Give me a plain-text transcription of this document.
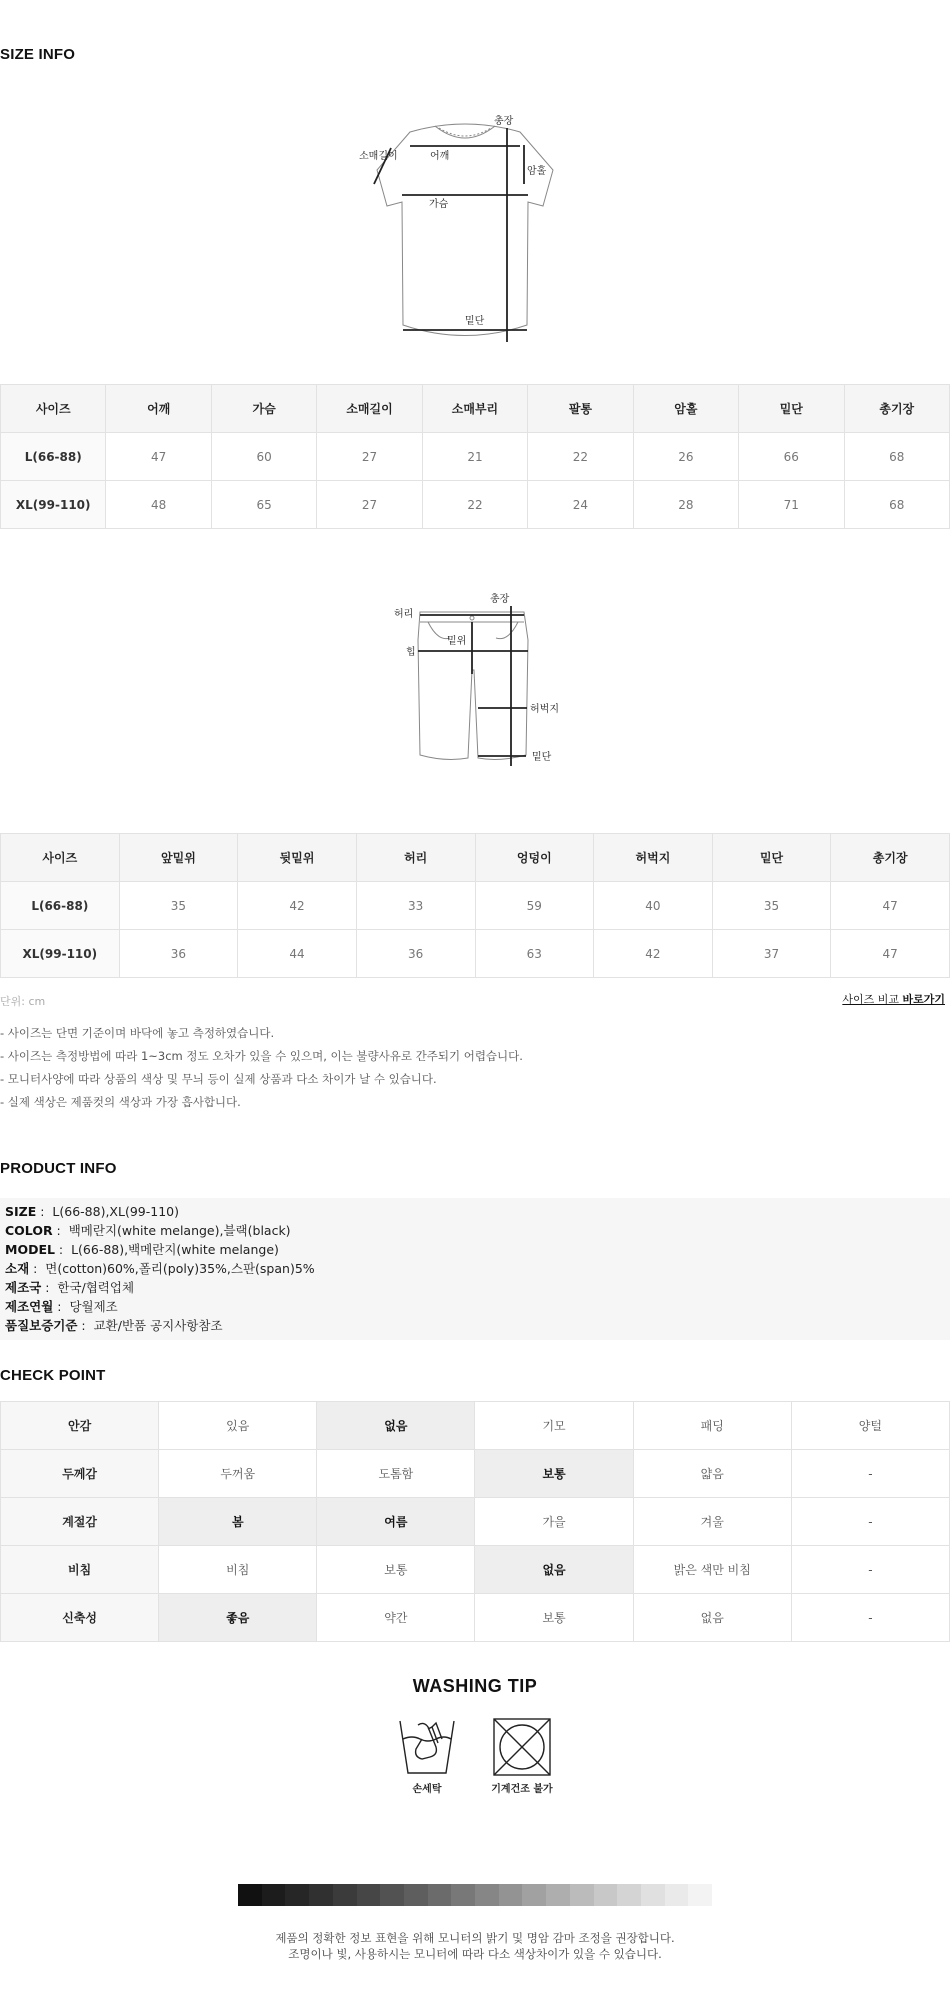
SIZE INFO
총장
소매길이	어깨
암홀
가슴
밑단
사이즈	어깨	가슴	소매길이	소매부리	팔통	암홀	밑단	총기장
L(66-88)	47	60	27	21	22	26	66	68
XL(99-110)	48	65	27	22	24	28	71	68
총장
허리
밑위
힙
허벅지
밑단
사이즈	앞밑위	뒷밑위	허리	엉덩이	허벅지	밑단	총기장
L(66-88)	35	42	33	59	40	35	47
XL(99-110)	36	44	36	63	42	37	47
단위: cm	사이즈 비교 바로가기
- 사이즈는 단면 기준이며 바닥에 놓고 측정하였습니다.
- 사이즈는 측정방법에 따라 1~3cm 정도 오차가 있을 수 있으며, 이는 불량사유로 간주되기 어렵습니다.
- 모니터사양에 따라 상품의 색상 및 무늬 등이 실제 상품과 다소 차이가 날 수 있습니다.
- 실제 색상은 제품컷의 색상과 가장 흡사합니다.
PRODUCT INFO
SIZE :  L(66-88),XL(99-110)
COLOR :  백메란지(white melange),블랙(black)
MODEL :  L(66-88),백메란지(white melange)
소재 :  면(cotton)60%,폴리(poly)35%,스판(span)5%
제조국 :  한국/협력업체
제조연월 :  당월제조
품질보증기준 :  교환/반품 공지사항참조
CHECK POINT
안감	있음	없음	기모	패딩	양털
두께감	두꺼움	도톰함	보통	얇음	-
계절감	봄	여름	가을	겨울	-
비침	비침	보통	없음	밝은 색만 비침	-
신축성	좋음	약간	보통	없음	-
WASHING TIP
손세탁	기계건조 불가
제품의 정확한 정보 표현을 위해 모니터의 밝기 및 명암 감마 조정을 권장합니다.
조명이나 빛, 사용하시는 모니터에 따라 다소 색상차이가 있을 수 있습니다.
